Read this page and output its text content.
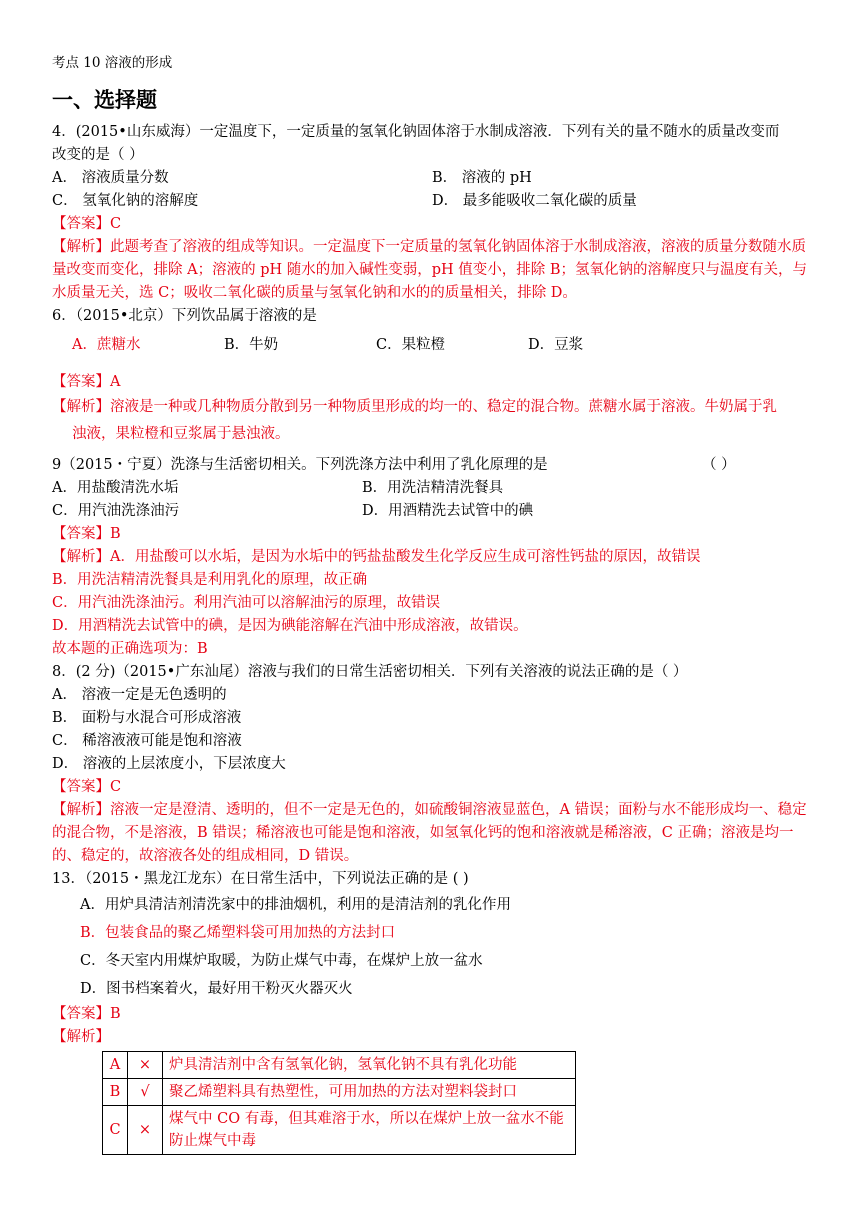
考点 10 溶液的形成

一、选择题

4．(2015•山东威海）一定温度下，一定质量的氢氧化钠固体溶于水制成溶液．下列有关的量不随水的质量改变而

改变的是（ ）

A． 溶液质量分数	B． 溶液的 pH

C． 氢氧化钠的溶解度	D． 最多能吸收二氧化碳的质量

【答案】C

【解析】此题考查了溶液的组成等知识。一定温度下一定质量的氢氧化钠固体溶于水制成溶液，溶液的质量分数随水质量改变而变化，排除 A；溶液的 pH 随水的加入碱性变弱，pH 值变小，排除 B；氢氧化钠的溶解度只与温度有关，与水质量无关，选 C；吸收二氧化碳的质量与氢氧化钠和水的的质量相关，排除 D。

6．（2015•北京）下列饮品属于溶液的是

A．蔗糖水	B．牛奶	C．果粒橙	D．豆浆

【答案】A

【解析】溶液是一种或几种物质分散到另一种物质里形成的均一的、稳定的混合物。蔗糖水属于溶液。牛奶属于乳

浊液，果粒橙和豆浆属于悬浊液。

9（2015・宁夏）洗涤与生活密切相关。下列洗涤方法中利用了乳化原理的是	（ ）

A．用盐酸清洗水垢	B．用洗洁精清洗餐具

C．用汽油洗涤油污	D．用酒精洗去试管中的碘

【答案】B

【解析】A．用盐酸可以水垢，是因为水垢中的钙盐盐酸发生化学反应生成可溶性钙盐的原因，故错误

B．用洗洁精清洗餐具是利用乳化的原理，故正确

C．用汽油洗涤油污。利用汽油可以溶解油污的原理，故错误

D．用酒精洗去试管中的碘，是因为碘能溶解在汽油中形成溶液，故错误。

故本题的正确选项为：B

8．(2 分)（2015•广东汕尾）溶液与我们的日常生活密切相关．下列有关溶液的说法正确的是（ ）

A． 溶液一定是无色透明的

B． 面粉与水混合可形成溶液

C． 稀溶液液可能是饱和溶液

D． 溶液的上层浓度小，下层浓度大

【答案】C

【解析】溶液一定是澄清、透明的，但不一定是无色的，如硫酸铜溶液显蓝色，A 错误；面粉与水不能形成均一、稳定的混合物，不是溶液，B 错误；稀溶液也可能是饱和溶液，如氢氧化钙的饱和溶液就是稀溶液，C 正确；溶液是均一的、稳定的，故溶液各处的组成相同，D 错误。

13．（2015・黑龙江龙东）在日常生活中，下列说法正确的是 ( )

A．用炉具清洁剂清洗家中的排油烟机，利用的是清洁剂的乳化作用

B．包装食品的聚乙烯塑料袋可用加热的方法封口

C．冬天室内用煤炉取暖，为防止煤气中毒，在煤炉上放一盆水

D．图书档案着火，最好用干粉灭火器灭火

【答案】B

【解析】

A	×	炉具清洁剂中含有氢氧化钠，氢氧化钠不具有乳化功能
B	√	聚乙烯塑料具有热塑性，可用加热的方法对塑料袋封口
C	×	煤气中 CO 有毒，但其难溶于水，所以在煤炉上放一盆水不能防止煤气中毒
